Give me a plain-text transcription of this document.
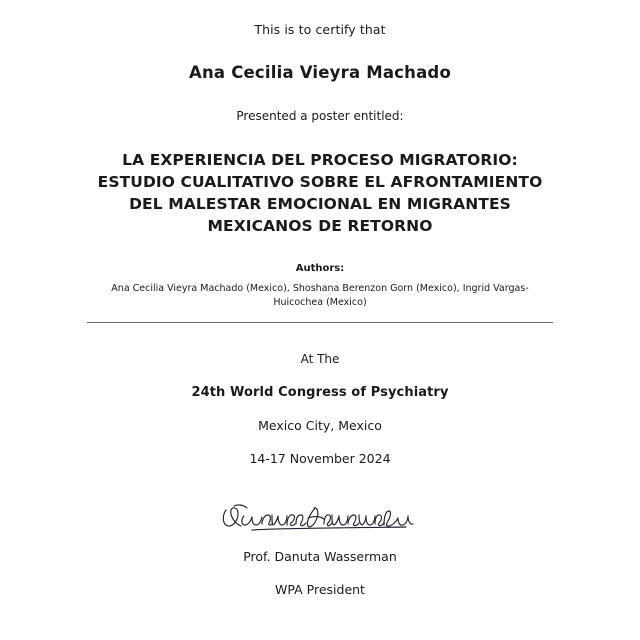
This is to certify that
Ana Cecilia Vieyra Machado
Presented a poster entitled:
LA EXPERIENCIA DEL PROCESO MIGRATORIO: ESTUDIO CUALITATIVO SOBRE EL AFRONTAMIENTO DEL MALESTAR EMOCIONAL EN MIGRANTES MEXICANOS DE RETORNO
Authors:
Ana Cecilia Vieyra Machado (Mexico), Shoshana Berenzon Gorn (Mexico), Ingrid Vargas- Huicochea (Mexico)
At The
24th World Congress of Psychiatry
Mexico City, Mexico
14-17 November 2024
Prof. Danuta Wasserman
WPA President
